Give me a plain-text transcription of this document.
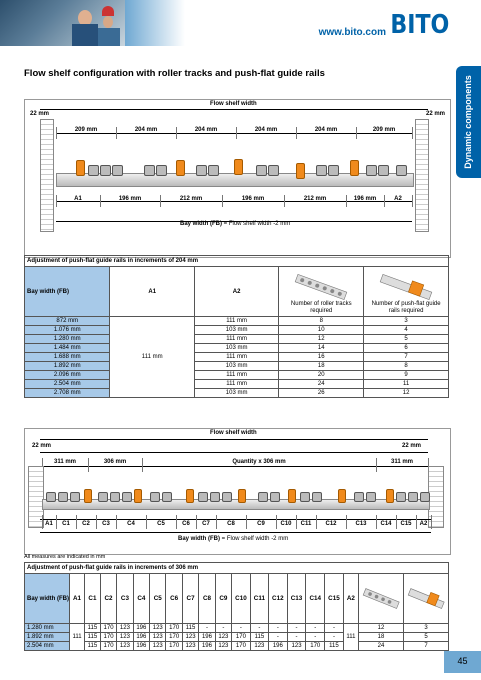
www.bito.com BITO
Dynamic components
Flow shelf configuration with roller tracks and push-flat guide rails
Flow shelf width
22 mm	22 mm
209 mm	204 mm	204 mm	204 mm	204 mm	209 mm
A1	196 mm	212 mm	196 mm	212 mm	196 mm	A2
Bay width (FB) = Flow shelf width -2 mm
Adjustment of push-flat guide rails in increments of 204 mm				
Bay width (FB)	A1	A2	Number of roller tracks required	Number of push-flat guide rails required

872 mm	111 mm	111 mm	8	3
1.076 mm		103 mm	10	4
1.280 mm		111 mm	12	5
1.484 mm		103 mm	14	6
1.688 mm		111 mm	16	7
1.892 mm		103 mm	18	8
2.096 mm		111 mm	20	9
2.504 mm		111 mm	24	11
2.708 mm		103 mm	26	12
Flow shelf width
22 mm	22 mm
311 mm	306 mm	Quantity x 306 mm	311 mm
A1	C1	C2	C3	C4	C5	C6	C7	C8	C9	C10	C11	C12	C13	C14	C15	A2
Bay width (FB) = Flow shelf width -2 mm
All measures are indicated in mm
Adjustment of push-flat guide rails in increments of 306 mm																			
Bay width (FB)	A1	C1	C2	C3	C4	C5	C6	C7	C8	C9	C10	C11	C12	C13	C14	C15	A2	

1.280 mm	111	115	170	123	196	123	170	115	-	-	-	-	-	-	-	-	111	12	3
1.892 mm		115	170	123	196	123	170	123	196	123	170	115	-	-	-	-		18	5
2.504 mm		115	170	123	196	123	170	123	196	123	170	123	196	123	170	115		24	7
45
